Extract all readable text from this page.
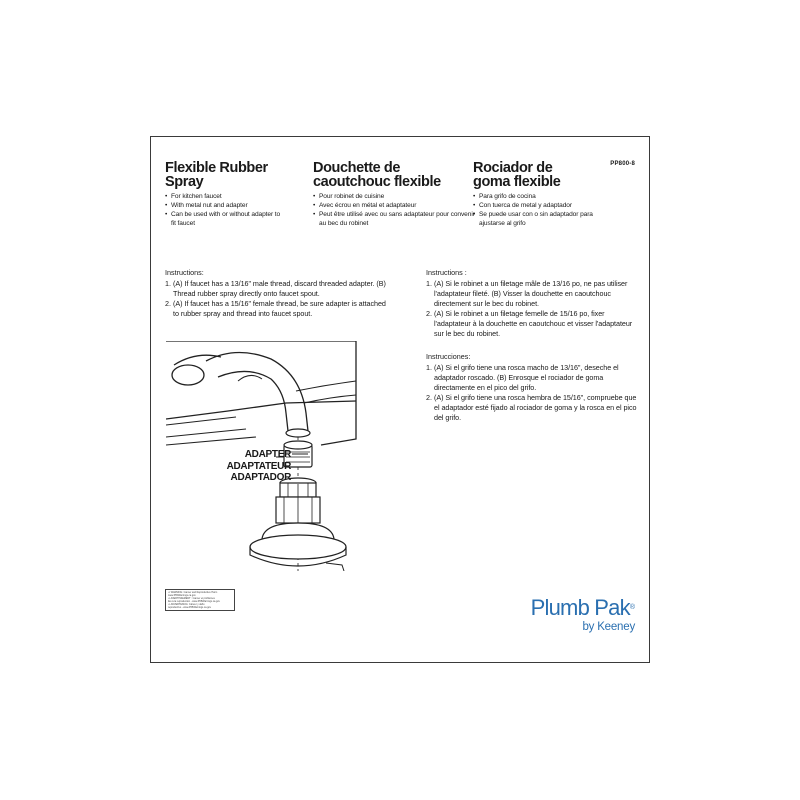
PP800-8
Flexible Rubber Spray
• For kitchen faucet
• With metal nut and adapter
• Can be used with or without adapter to fit faucet
Douchette de caoutchouc flexible
• Pour robinet de cuisine
• Avec écrou en métal et adaptateur
• Peut être utilisé avec ou sans adaptateur pour convenir au bec du robinet
Rociador de goma flexible
• Para grifo de cocina
• Con tuerca de metal y adaptador
• Se puede usar con o sin adaptador para ajustarse al grifo

Instructions:

1. (A) If faucet has a 13/16" male thread, discard threaded adapter. (B) Thread rubber spray directly onto faucet spout.
2. (A) If faucet has a 15/16" female thread, be sure adapter is attached to rubber spray and thread into faucet spout.

Instructions :

1. (A) Si le robinet a un filetage mâle de 13/16 po, ne pas utiliser l'adaptateur fileté. (B) Visser la douchette en caoutchouc directement sur le bec du robinet.
2. (A) Si le robinet a un filetage femelle de 15/16 po, fixer l'adaptateur à la douchette en caoutchouc et visser l'adaptateur sur le bec du robinet.

Instrucciones:

1. (A) Si el grifo tiene una rosca macho de 13/16", deseche el adaptador roscado. (B) Enrosque el rociador de goma directamente en el pico del grifo.
2. (A) Si el grifo tiene una rosca hembra de 15/16", compruebe que el adaptador esté fijado al rociador de goma y la rosca en el pico del grifo.
ADAPTER
ADAPTATEUR
ADAPTADOR
⚠ WARNING: Cancer and Reproductive Harm
www.P65Warnings.ca.gov
⚠ AVERTISSEMENT : Cancer et problèmes
liés à la reproduction - www.P65Warnings.ca.gov
⚠ ADVERTENCIA: Cáncer y daño
reproductivo - www.P65Warnings.ca.gov	Plumb Pak®
by Keeney
